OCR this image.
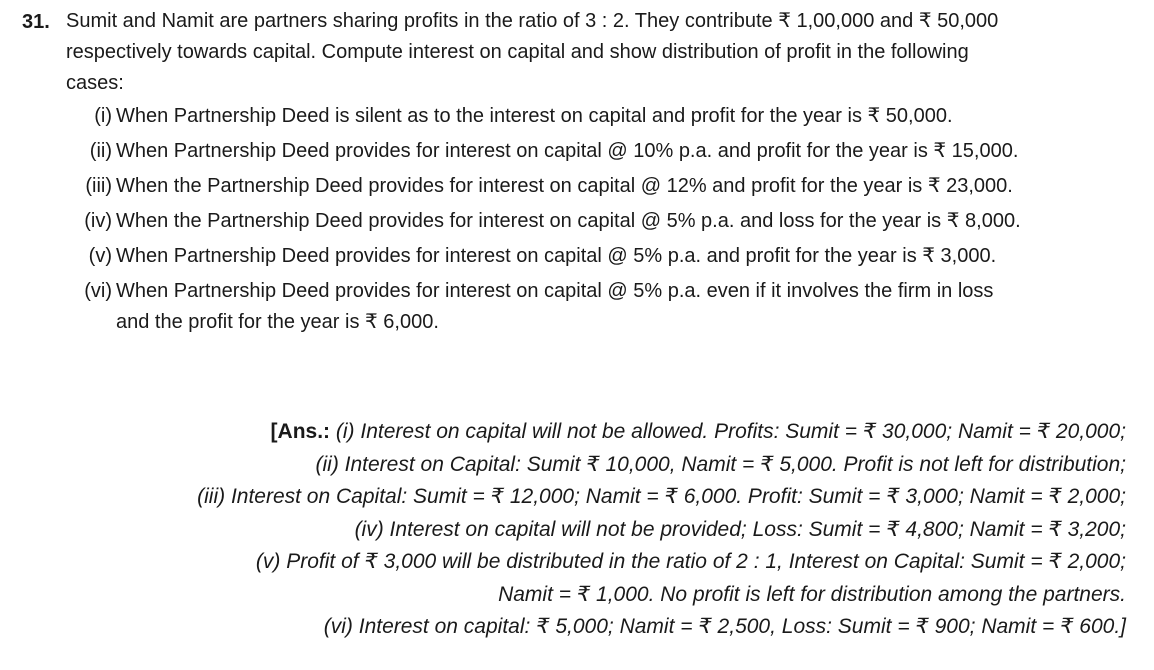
31. Sumit and Namit are partners sharing profits in the ratio of 3 : 2. They contribute ₹ 1,00,000 and ₹ 50,000
respectively towards capital. Compute interest on capital and show distribution of profit in the following
cases:
(i) When Partnership Deed is silent as to the interest on capital and profit for the year is ₹ 50,000.
(ii) When Partnership Deed provides for interest on capital @ 10% p.a. and profit for the year is ₹ 15,000.
(iii) When the Partnership Deed provides for interest on capital @ 12% and profit for the year is ₹ 23,000.
(iv) When the Partnership Deed provides for interest on capital @ 5% p.a. and loss for the year is ₹ 8,000.
(v) When Partnership Deed provides for interest on capital @ 5% p.a. and profit for the year is ₹ 3,000.
(vi) When Partnership Deed provides for interest on capital @ 5% p.a. even if it involves the firm in loss
and the profit for the year is ₹ 6,000.
[Ans.: (i) Interest on capital will not be allowed. Profits: Sumit = ₹ 30,000; Namit = ₹ 20,000;
(ii) Interest on Capital: Sumit ₹ 10,000, Namit = ₹ 5,000. Profit is not left for distribution;
(iii) Interest on Capital: Sumit = ₹ 12,000; Namit = ₹ 6,000. Profit: Sumit = ₹ 3,000; Namit = ₹ 2,000;
(iv) Interest on capital will not be provided; Loss: Sumit = ₹ 4,800; Namit = ₹ 3,200;
(v) Profit of ₹ 3,000 will be distributed in the ratio of 2 : 1, Interest on Capital: Sumit = ₹ 2,000;
Namit = ₹ 1,000. No profit is left for distribution among the partners.
(vi) Interest on capital: ₹ 5,000; Namit = ₹ 2,500, Loss: Sumit = ₹ 900; Namit = ₹ 600.]
